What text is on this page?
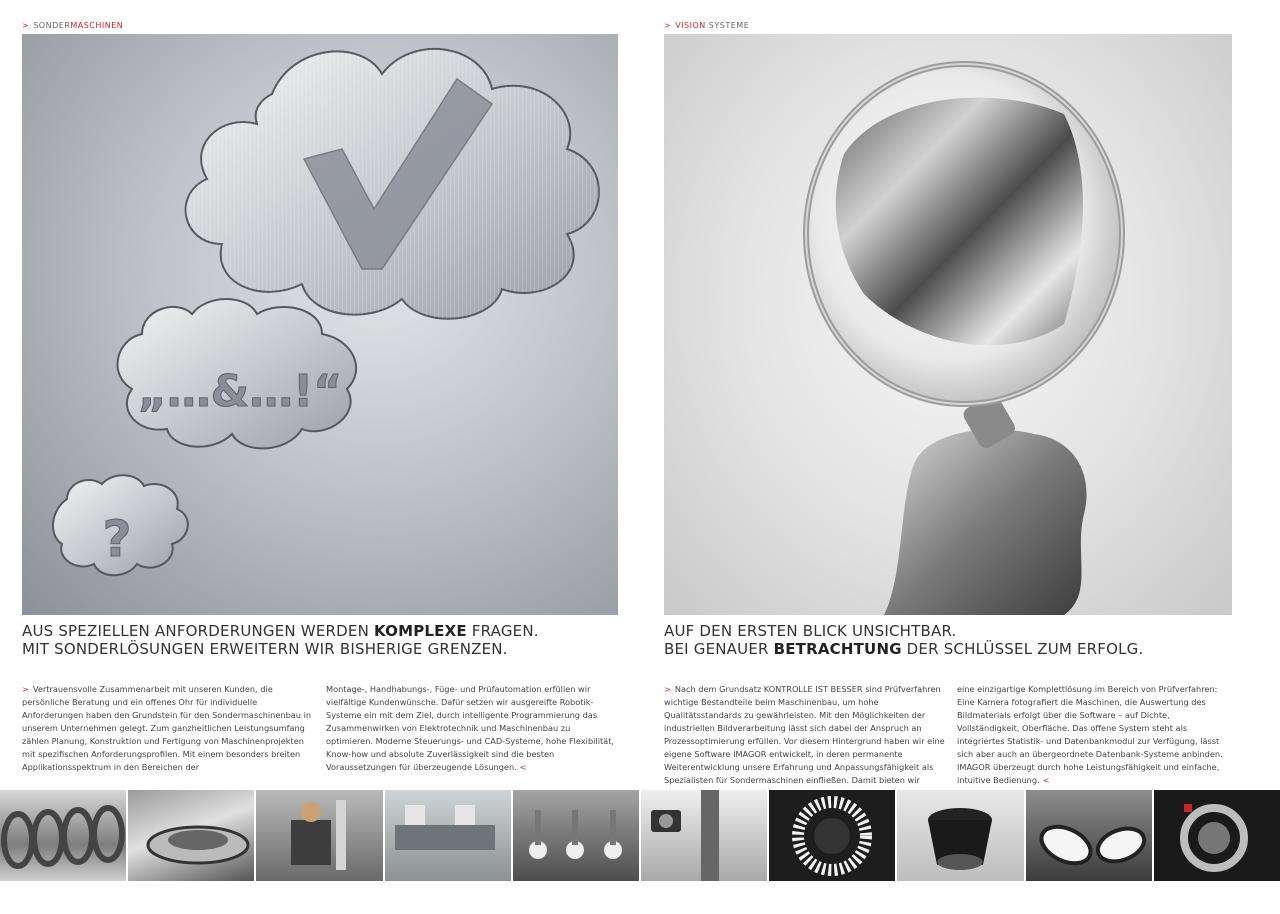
> SONDERMASCHINEN	> VISION SYSTEME
„…&…!“
?
AUS SPEZIELLEN ANFORDERUNGEN WERDEN KOMPLEXE FRAGEN.
MIT SONDERLÖSUNGEN ERWEITERN WIR BISHERIGE GRENZEN.
AUF DEN ERSTEN BLICK UNSICHTBAR.
BEI GENAUER BETRACHTUNG DER SCHLÜSSEL ZUM ERFOLG.
> Vertrauensvolle Zusammenarbeit mit unseren Kunden, die persönliche Beratung und ein offenes Ohr für individuelle Anforderungen haben den Grundstein für den Sondermaschinenbau in unserem Unternehmen gelegt. Zum ganzheitlichen Leistungsumfang zählen Planung, Konstruktion und Fertigung von Maschinenprojekten mit spezifischen Anforderungsprofilen. Mit einem besonders breiten Applikationsspektrum in den Bereichen der
Montage-, Handhabungs-, Füge- und Prüfautomation erfüllen wir vielfältige Kundenwünsche. Dafür setzen wir ausgereifte Robotik-Systeme ein mit dem Ziel, durch intelligente Programmierung das Zusammenwirken von Elektrotechnik und Maschinenbau zu optimieren. Moderne Steuerungs- und CAD-Systeme, hohe Flexibilität, Know-how und absolute Zuverlässigkeit sind die besten Voraussetzungen für überzeugende Lösungen. <
> Nach dem Grundsatz KONTROLLE IST BESSER sind Prüfverfahren wichtige Bestandteile beim Maschinenbau, um hohe Qualitätsstandards zu gewährleisten. Mit den Möglichkeiten der industriellen Bildverarbeitung lässt sich dabei der Anspruch an Prozessoptimierung erfüllen. Vor diesem Hintergrund haben wir eine eigene Software IMAGOR entwickelt, in deren permanente Weiterentwicklung unsere Erfahrung und Anpassungsfähigkeit als Spezialisten für Sondermaschinen einfließen. Damit bieten wir
eine einzigartige Komplettlösung im Bereich von Prüfverfahren: Eine Kamera fotografiert die Maschinen, die Auswertung des Bildmaterials erfolgt über die Software – auf Dichte, Vollständigkeit, Oberfläche. Das offene System steht als integriertes Statistik- und Datenbankmodul zur Verfügung, lässt sich aber auch an übergeordnete Datenbank-Systeme anbinden. IMAGOR überzeugt durch hohe Leistungsfähigkeit und einfache, intuitive Bedienung. <
